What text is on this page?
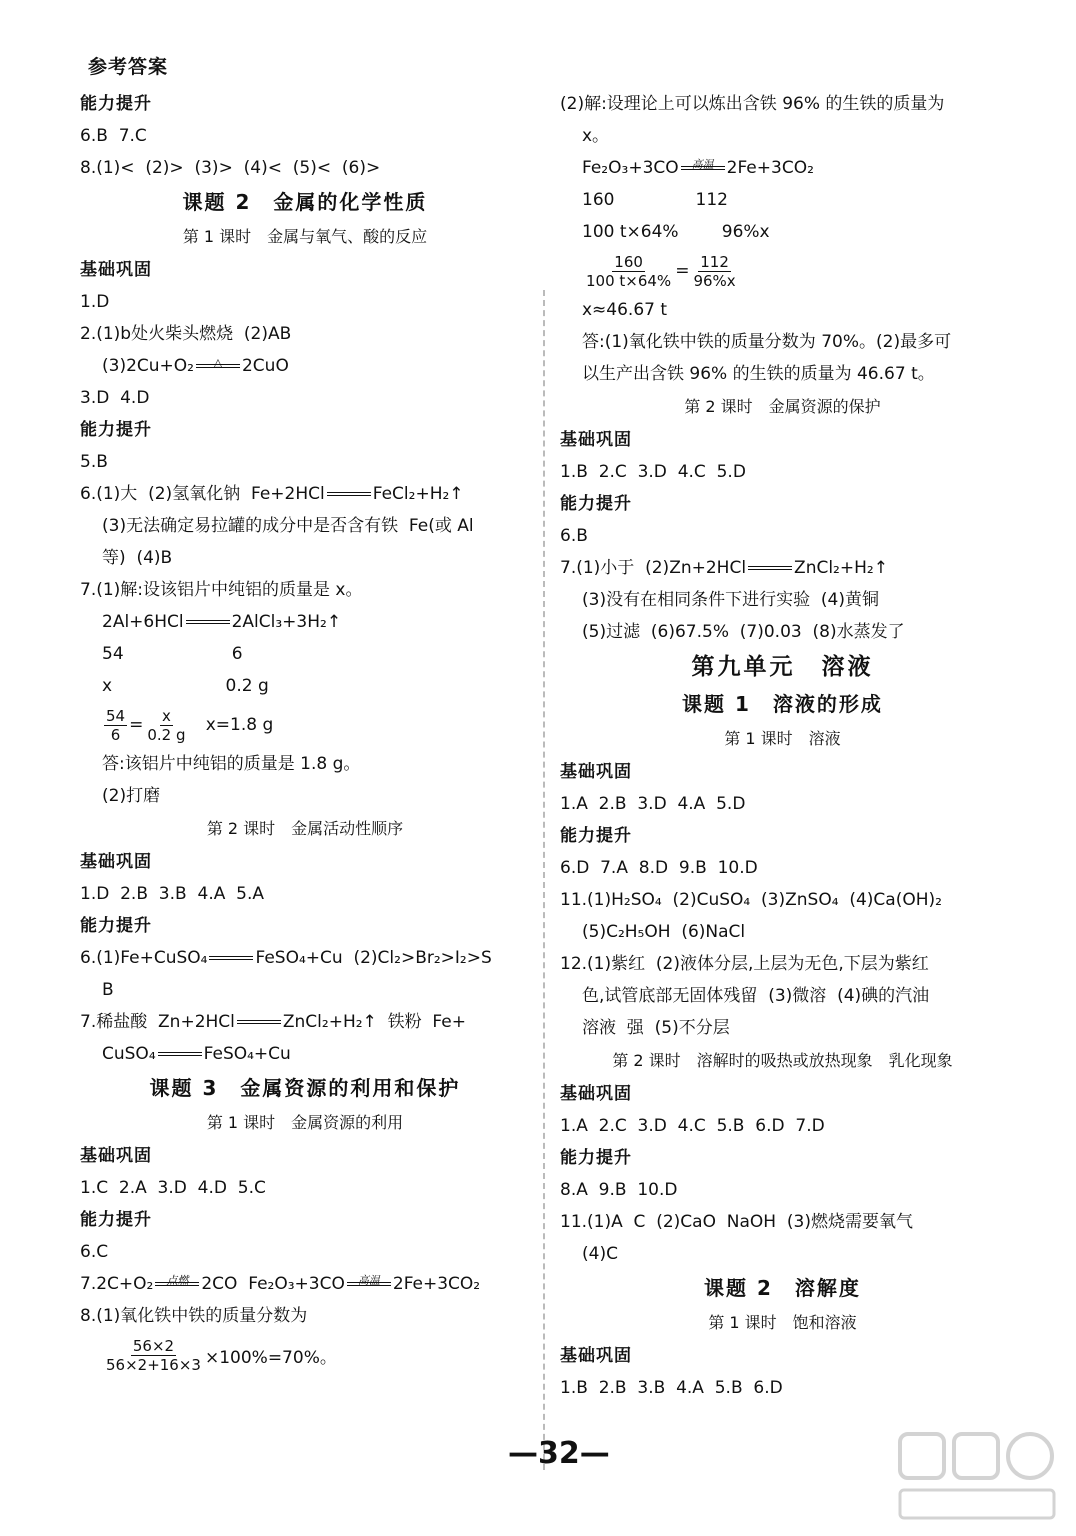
参考答案
能力提升
6.B  7.C
8.(1)<  (2)>  (3)>  (4)<  (5)<  (6)>
课题 2　金属的化学性质
第 1 课时　金属与氧气、酸的反应
基础巩固
1.D
2.(1)b处火柴头燃烧  (2)AB
(3)2Cu+O₂	△	2CuO
3.D  4.D
能力提升
5.B
6.(1)大  (2)氢氧化钠  Fe+2HCl	FeCl₂+H₂↑
(3)无法确定易拉罐的成分中是否含有铁  Fe(或 Al
等)  (4)B
7.(1)解:设该铝片中纯铝的质量是 x。
2Al+6HCl	2AlCl₃+3H₂↑
54                    6
x                     0.2 g
$\frac{54}{6} = \frac{x}{0.2 g} x=1.8$ g
答:该铝片中纯铝的质量是 1.8 g。
(2)打磨
第 2 课时　金属活动性顺序
基础巩固
1.D  2.B  3.B  4.A  5.A
能力提升
6.(1)Fe+CuSO₄	FeSO₄+Cu  (2)Cl₂>Br₂>I₂>S
B
7.稀盐酸  Zn+2HCl	ZnCl₂+H₂↑  铁粉  Fe+
CuSO₄	FeSO₄+Cu
课题 3　金属资源的利用和保护
第 1 课时　金属资源的利用
基础巩固
1.C  2.A  3.D  4.D  5.C
能力提升
6.C
7.2C+O₂	点燃 2CO  Fe₂O₃+3CO	高温 2Fe+3CO₂
8.(1)氧化铁中铁的质量分数为
$\frac{56\times 2}{56\times 2+16\times 3} \times 100\%=70\%$。
(2)解:设理论上可以炼出含铁 96% 的生铁的质量为
x。
Fe₂O₃+3CO	高温 2Fe+3CO₂
160               112
100 t×64%        96%x
$\frac{160}{100 t\times 64\%} = \frac{112}{96\%x}$
x≈46.67 t
答:(1)氧化铁中铁的质量分数为 70%。(2)最多可
以生产出含铁 96% 的生铁的质量为 46.67 t。
第 2 课时　金属资源的保护
基础巩固
1.B  2.C  3.D  4.C  5.D
能力提升
6.B
7.(1)小于  (2)Zn+2HCl	ZnCl₂+H₂↑
(3)没有在相同条件下进行实验  (4)黄铜
(5)过滤  (6)67.5%  (7)0.03  (8)水蒸发了
第九单元　溶液
课题 1　溶液的形成
第 1 课时　溶液
基础巩固
1.A  2.B  3.D  4.A  5.D
能力提升
6.D  7.A  8.D  9.B  10.D
11.(1)H₂SO₄  (2)CuSO₄  (3)ZnSO₄  (4)Ca(OH)₂
(5)C₂H₅OH  (6)NaCl
12.(1)紫红  (2)液体分层,上层为无色,下层为紫红
色,试管底部无固体残留  (3)微溶  (4)碘的汽油
溶液  强  (5)不分层
第 2 课时　溶解时的吸热或放热现象　乳化现象
基础巩固
1.A  2.C  3.D  4.C  5.B  6.D  7.D
能力提升
8.A  9.B  10.D
11.(1)A  C  (2)CaO  NaOH  (3)燃烧需要氧气
(4)C
课题 2　溶解度
第 1 课时　饱和溶液
基础巩固
1.B  2.B  3.B  4.A  5.B  6.D
—32—
